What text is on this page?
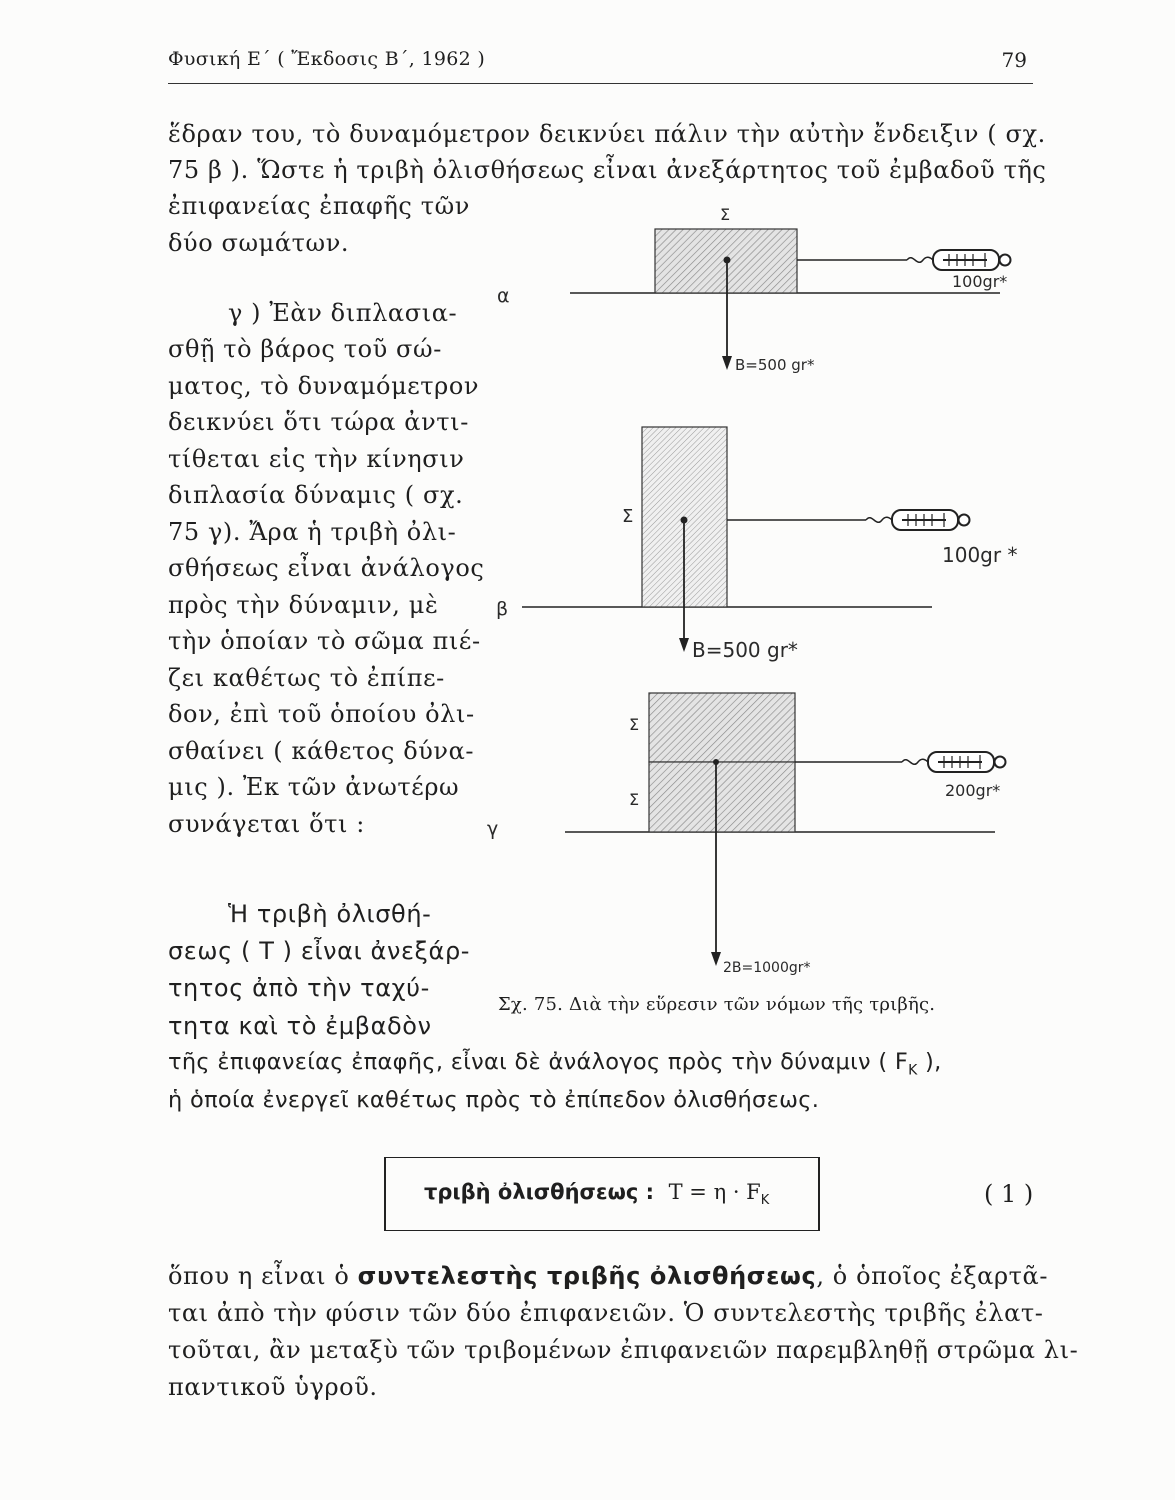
Φυσική Ε΄ ( Ἔκδοσις Β΄, 1962 )	79
ἕδραν του, τὸ δυναμόμετρον δεικνύει πάλιν τὴν αὐτὴν ἔνδειξιν ( σχ.
75 β ). Ὥστε ἡ τριβὴ ὀλισθήσεως εἶναι ἀνεξάρτητος τοῦ ἐμβαδοῦ τῆς
ἐπιφανείας ἐπαφῆς τῶν
δύο σωμάτων.
γ ) Ἐὰν διπλασια-
σθῇ τὸ βάρος τοῦ σώ-
ματος, τὸ δυναμόμετρον
δεικνύει ὅτι τώρα ἀντι-
τίθεται εἰς τὴν κίνησιν
διπλασία δύναμις ( σχ.
75 γ). Ἄρα ἡ τριβὴ ὀλι-
σθήσεως εἶναι ἀνάλογος
πρὸς τὴν δύναμιν, μὲ
τὴν ὁποίαν τὸ σῶμα πιέ-
ζει καθέτως τὸ ἐπίπε-
δον, ἐπὶ τοῦ ὁποίου ὀλι-
σθαίνει ( κάθετος δύνα-
μις ). Ἐκ τῶν ἀνωτέρω
συνάγεται ὅτι :
Ἡ τριβὴ ὀλισθή-
σεως ( Τ ) εἶναι ἀνεξάρ-
τητος ἀπὸ τὴν ταχύ-
τητα καὶ τὸ ἐμβαδὸν
τῆς ἐπιφανείας ἐπαφῆς, εἶναι δὲ ἀνάλογος πρὸς τὴν δύναμιν ( $F_K$ ),
ἡ ὁποία ἐνεργεῖ καθέτως πρὸς τὸ ἐπίπεδον ὀλισθήσεως.
α
Σ
Β=500 gr*
100gr*
β
Σ
Β=500 gr*
100gr *
γ
Σ
Σ
2Β=1000gr*
200gr*
Σχ. 75. Διὰ τὴν εὕρεσιν τῶν νόμων τῆς τριβῆς.
τριβὴ ὀλισθήσεως : $T = \eta \cdot F_K$	( 1 )
ὅπου η εἶναι ὁ συντελεστὴς τριβῆς ὀλισθήσεως, ὁ ὁποῖος ἐξαρτᾶ-
ται ἀπὸ τὴν φύσιν τῶν δύο ἐπιφανειῶν. Ὁ συντελεστὴς τριβῆς ἐλατ-
τοῦται, ἂν μεταξὺ τῶν τριβομένων ἐπιφανειῶν παρεμβληθῇ στρῶμα λι-
παντικοῦ ὑγροῦ.
